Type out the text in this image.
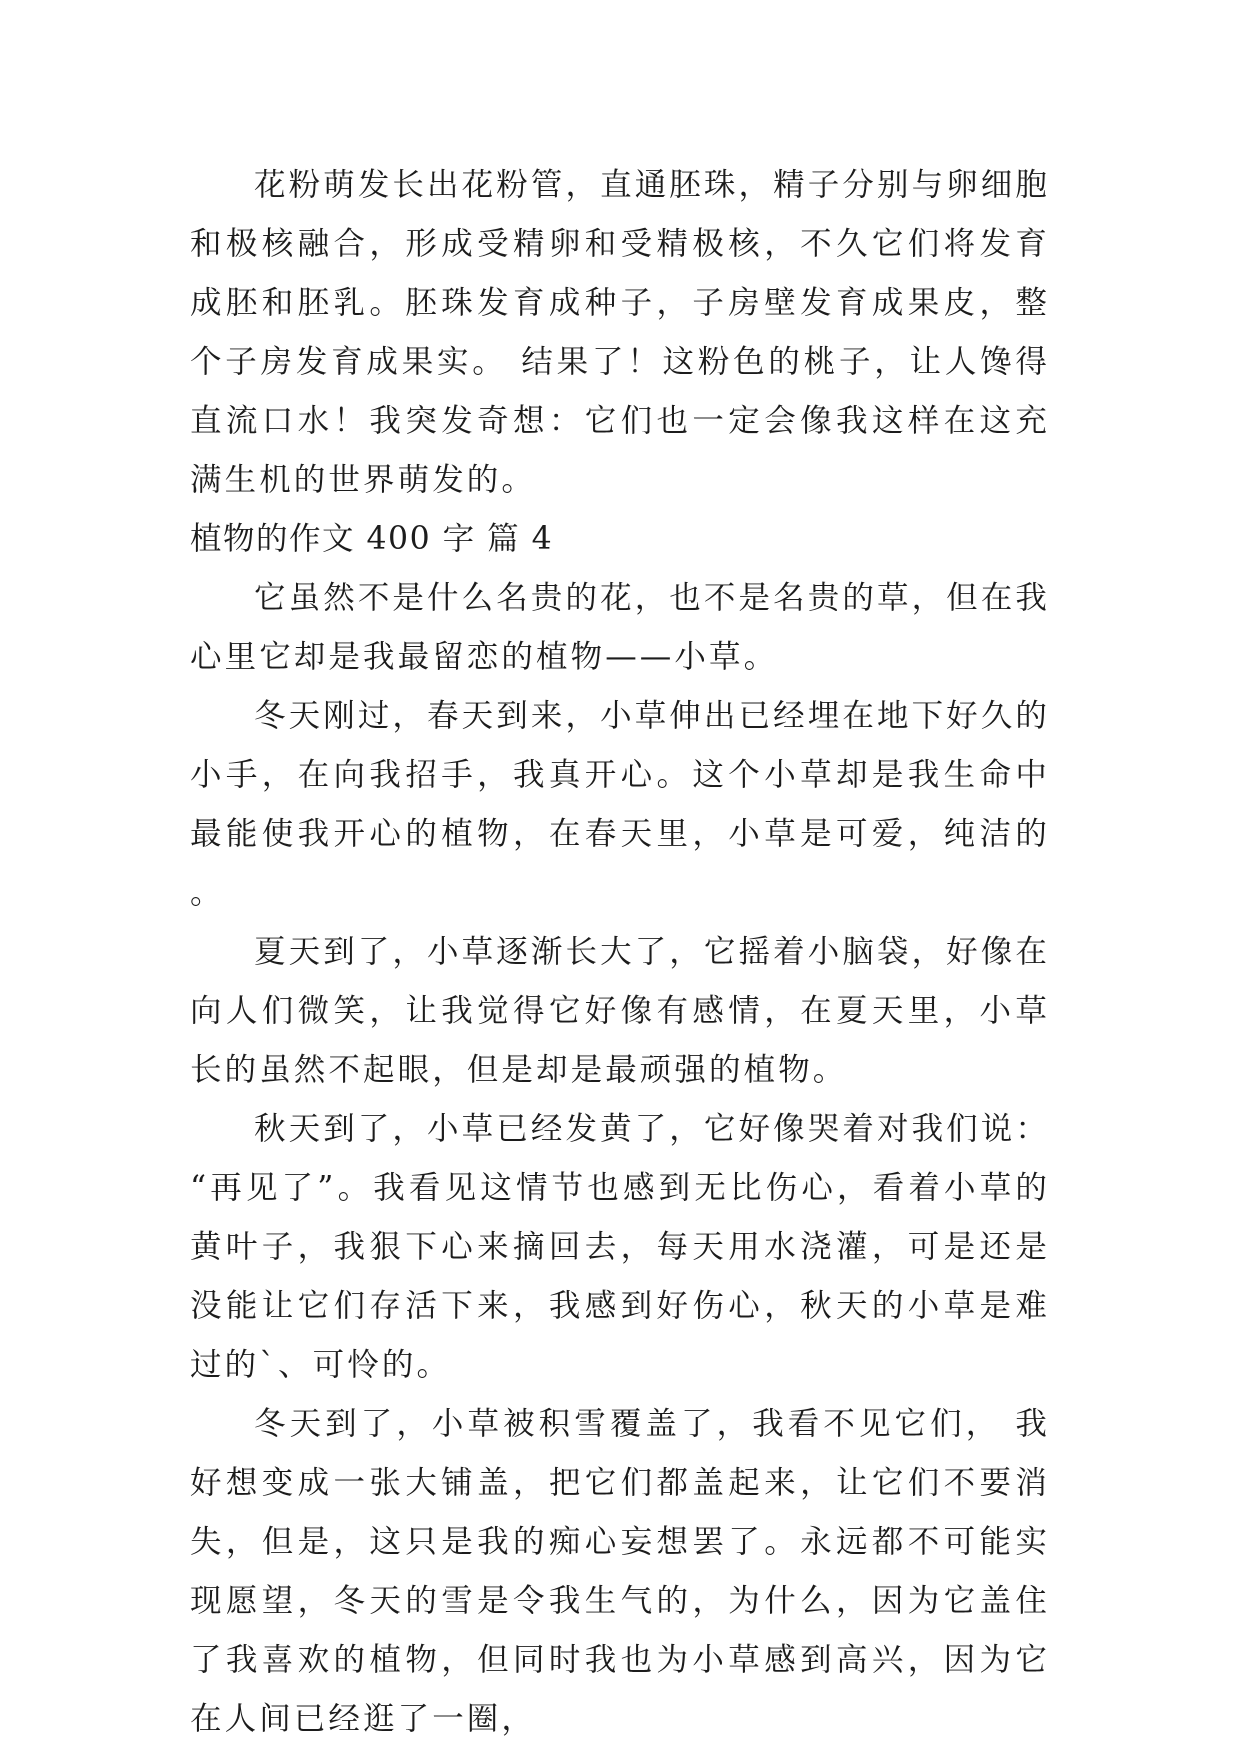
花粉萌发长出花粉管，直通胚珠，精子分别与卵细胞和极核融合，形成受精卵和受精极核，不久它们将发育成胚和胚乳。胚珠发育成种子，子房壁发育成果皮，整个子房发育成果实。 结果了！这粉色的桃子，让人馋得直流口水！我突发奇想：它们也一定会像我这样在这充满生机的世界萌发的。

植物的作文 400 字 篇 4

它虽然不是什么名贵的花，也不是名贵的草，但在我心里它却是我最留恋的植物——小草。

冬天刚过，春天到来，小草伸出已经埋在地下好久的小手，在向我招手，我真开心。这个小草却是我生命中最能使我开心的植物，在春天里，小草是可爱，纯洁的。

夏天到了，小草逐渐长大了，它摇着小脑袋，好像在向人们微笑，让我觉得它好像有感情，在夏天里，小草长的虽然不起眼，但是却是最顽强的植物。

秋天到了，小草已经发黄了，它好像哭着对我们说：“再见了”。我看见这情节也感到无比伤心，看着小草的黄叶子，我狠下心来摘回去，每天用水浇灌，可是还是没能让它们存活下来，我感到好伤心，秋天的小草是难过的`、可怜的。

冬天到了，小草被积雪覆盖了，我看不见它们， 我好想变成一张大铺盖，把它们都盖起来，让它们不要消失，但是，这只是我的痴心妄想罢了。永远都不可能实现愿望，冬天的雪是令我生气的，为什么，因为它盖住了我喜欢的植物，但同时我也为小草感到高兴，因为它在人间已经逛了一圈，
